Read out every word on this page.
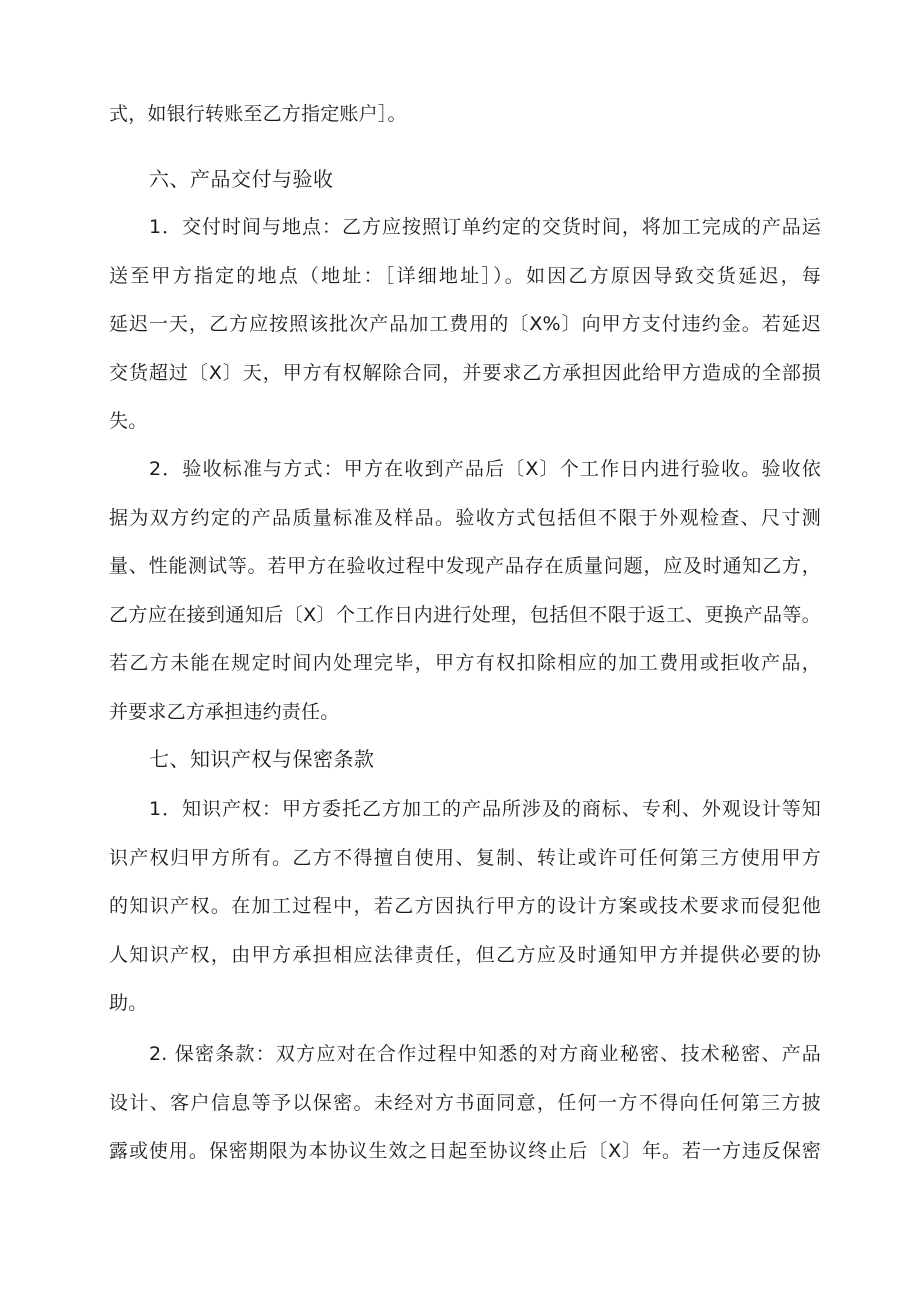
式，如银行转账至乙方指定账户］。
六、产品交付与验收
1．交付时间与地点：乙方应按照订单约定的交货时间，将加工完成的产品运
送至甲方指定的地点（地址：［详细地址］）。如因乙方原因导致交货延迟，每
延迟一天，乙方应按照该批次产品加工费用的〔X%〕向甲方支付违约金。若延迟
交货超过〔X〕天，甲方有权解除合同，并要求乙方承担因此给甲方造成的全部损
失。
2．验收标准与方式：甲方在收到产品后〔X〕个工作日内进行验收。验收依
据为双方约定的产品质量标准及样品。验收方式包括但不限于外观检查、尺寸测
量、性能测试等。若甲方在验收过程中发现产品存在质量问题，应及时通知乙方，
乙方应在接到通知后〔X〕个工作日内进行处理，包括但不限于返工、更换产品等。
若乙方未能在规定时间内处理完毕，甲方有权扣除相应的加工费用或拒收产品，
并要求乙方承担违约责任。
七、知识产权与保密条款
1．知识产权：甲方委托乙方加工的产品所涉及的商标、专利、外观设计等知
识产权归甲方所有。乙方不得擅自使用、复制、转让或许可任何第三方使用甲方
的知识产权。在加工过程中，若乙方因执行甲方的设计方案或技术要求而侵犯他
人知识产权，由甲方承担相应法律责任，但乙方应及时通知甲方并提供必要的协
助。
2. 保密条款：双方应对在合作过程中知悉的对方商业秘密、技术秘密、产品
设计、客户信息等予以保密。未经对方书面同意，任何一方不得向任何第三方披
露或使用。保密期限为本协议生效之日起至协议终止后〔X〕年。若一方违反保密
